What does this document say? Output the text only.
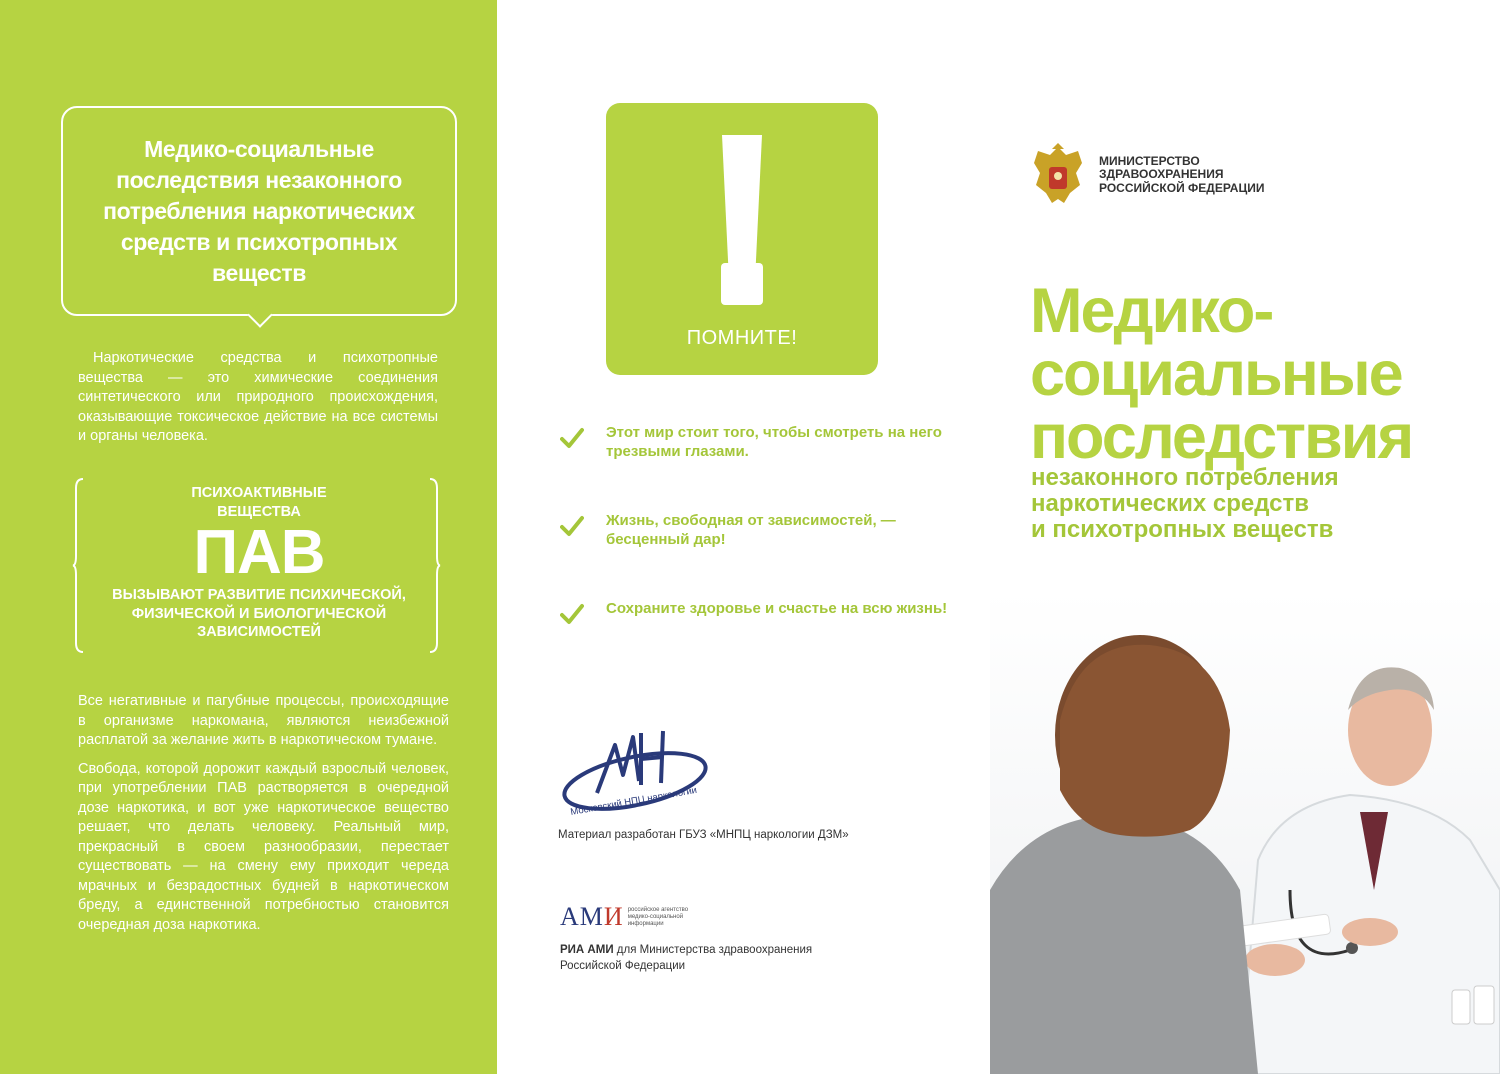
Медико-социальные последствия незаконного потребления наркотических средств и психотропных веществ

Наркотические средства и психотропные вещества — это химические соединения синтетического или природного происхождения, оказывающие токсическое действие на все системы и органы человека.

ПСИХОАКТИВНЫЕ
ВЕЩЕСТВА
ПАВ
ВЫЗЫВАЮТ РАЗВИТИЕ ПСИХИЧЕСКОЙ, ФИЗИЧЕСКОЙ И БИОЛОГИЧЕСКОЙ ЗАВИСИМОСТЕЙ

Все негативные и пагубные процессы, происходящие в организме наркомана, являются неизбежной расплатой за желание жить в наркотическом тумане.

Свобода, которой дорожит каждый взрослый человек, при употреблении ПАВ растворяется в очередной дозе наркотика, и вот уже наркотическое вещество решает, что делать человеку. Реальный мир, прекрасный в своем разнообразии, перестает существовать — на смену ему приходит череда мрачных и безрадостных будней в наркотическом бреду, а единственной потребностью становится очередная доза наркотика.

ПОМНИТЕ!
Этот мир стоит того, чтобы смотреть на него трезвыми глазами.
Жизнь, свободная от зависимостей, — бесценный дар!
Сохраните здоровье и счастье на всю жизнь!
Московский НПЦ наркологии
Материал разработан ГБУЗ «МНПЦ наркологии ДЗМ»
АМИ российское агентство медико-социальной информации
РИА АМИ для Министерства здравоохранения
Российской Федерации
МИНИСТЕРСТВО
ЗДРАВООХРАНЕНИЯ
РОССИЙСКОЙ ФЕДЕРАЦИИ
Медико-
социальные
последствия
незаконного потребления
наркотических средств
и психотропных веществ
